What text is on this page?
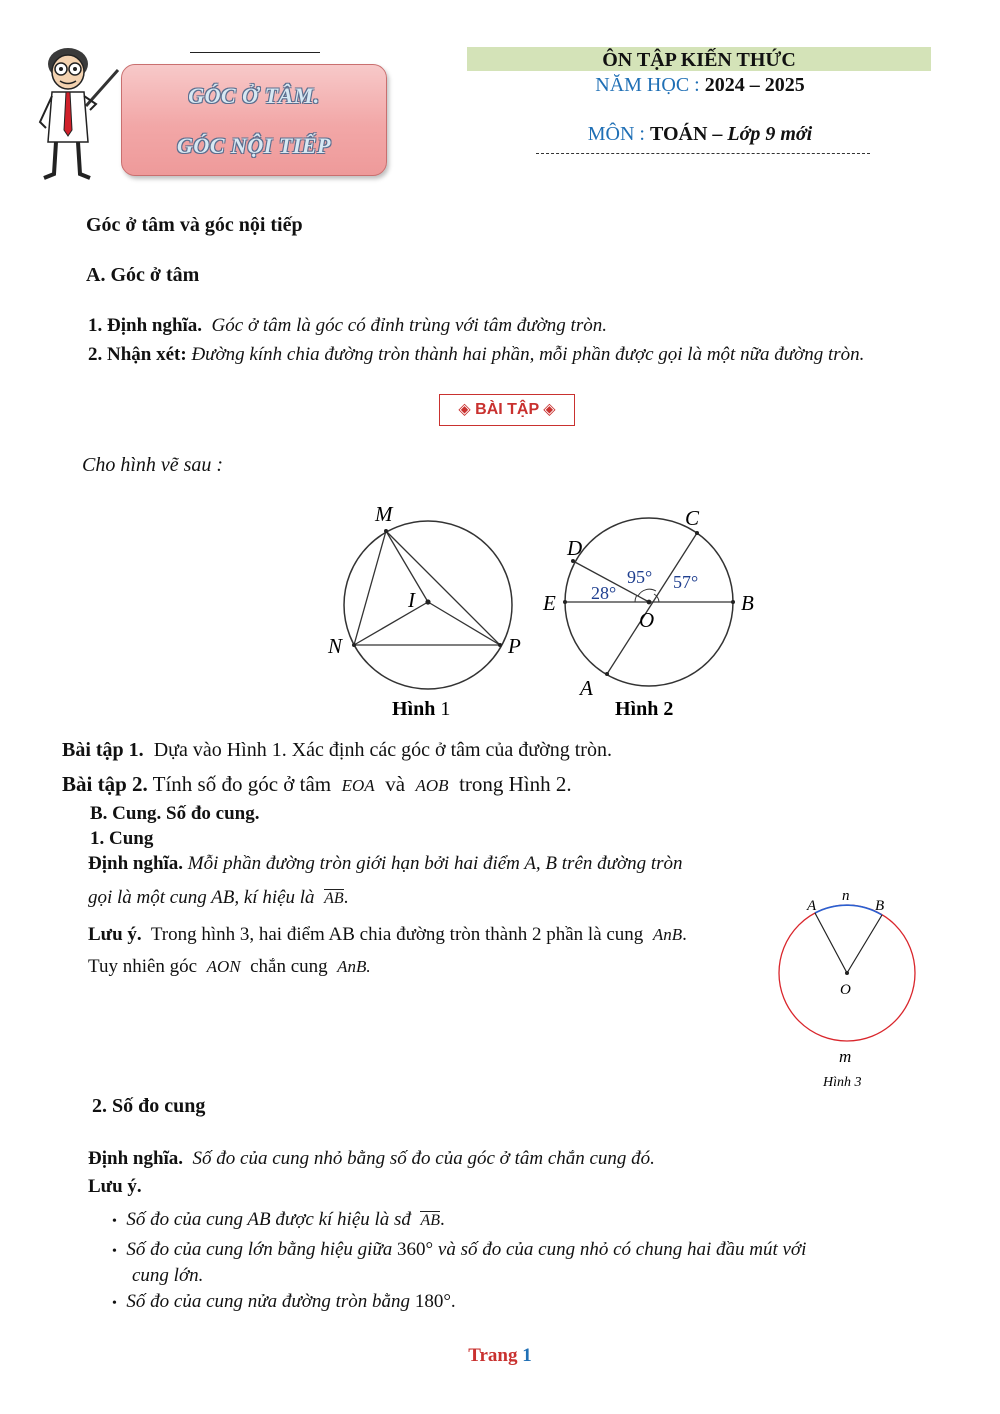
GÓC Ở TÂM.
GÓC NỘI TIẾP
ÔN TẬP KIẾN THỨC
NĂM HỌC : 2024 – 2025
MÔN : TOÁN – Lớp 9 mới
Góc ở tâm và góc nội tiếp
A. Góc ở tâm
1. Định nghĩa. Góc ở tâm là góc có đỉnh trùng với tâm đường tròn.
2. Nhận xét: Đường kính chia đường tròn thành hai phần, mỗi phần được gọi là một nữa đường tròn.
◈ BÀI TẬP ◈
Cho hình vẽ sau :
M
I
N	P
Hình 1
C
D
E	B
O
A
95° 57°
28°
Hình 2
Bài tập 1. Dựa vào Hình 1. Xác định các góc ở tâm của đường tròn.
Bài tập 2. Tính số đo góc ở tâm EOA và AOB trong Hình 2.
B. Cung. Số đo cung.
1. Cung
Định nghĩa. Mỗi phần đường tròn giới hạn bởi hai điểm A, B trên đường tròn
gọi là một cung AB, kí hiệu là AB.
Lưu ý. Trong hình 3, hai điểm AB chia đường tròn thành 2 phần là cung AnB.
Tuy nhiên góc AON chắn cung AnB.
n
A	B
O
m
Hình 3
2. Số đo cung
Định nghĩa. Số đo của cung nhỏ bằng số đo của góc ở tâm chắn cung đó.
Lưu ý.
• Số đo của cung AB được kí hiệu là sđ AB.
• Số đo của cung lớn bằng hiệu giữa 360° và số đo của cung nhỏ có chung hai đầu mút với
cung lớn.
• Số đo của cung nửa đường tròn bằng 180°.
Trang 1
